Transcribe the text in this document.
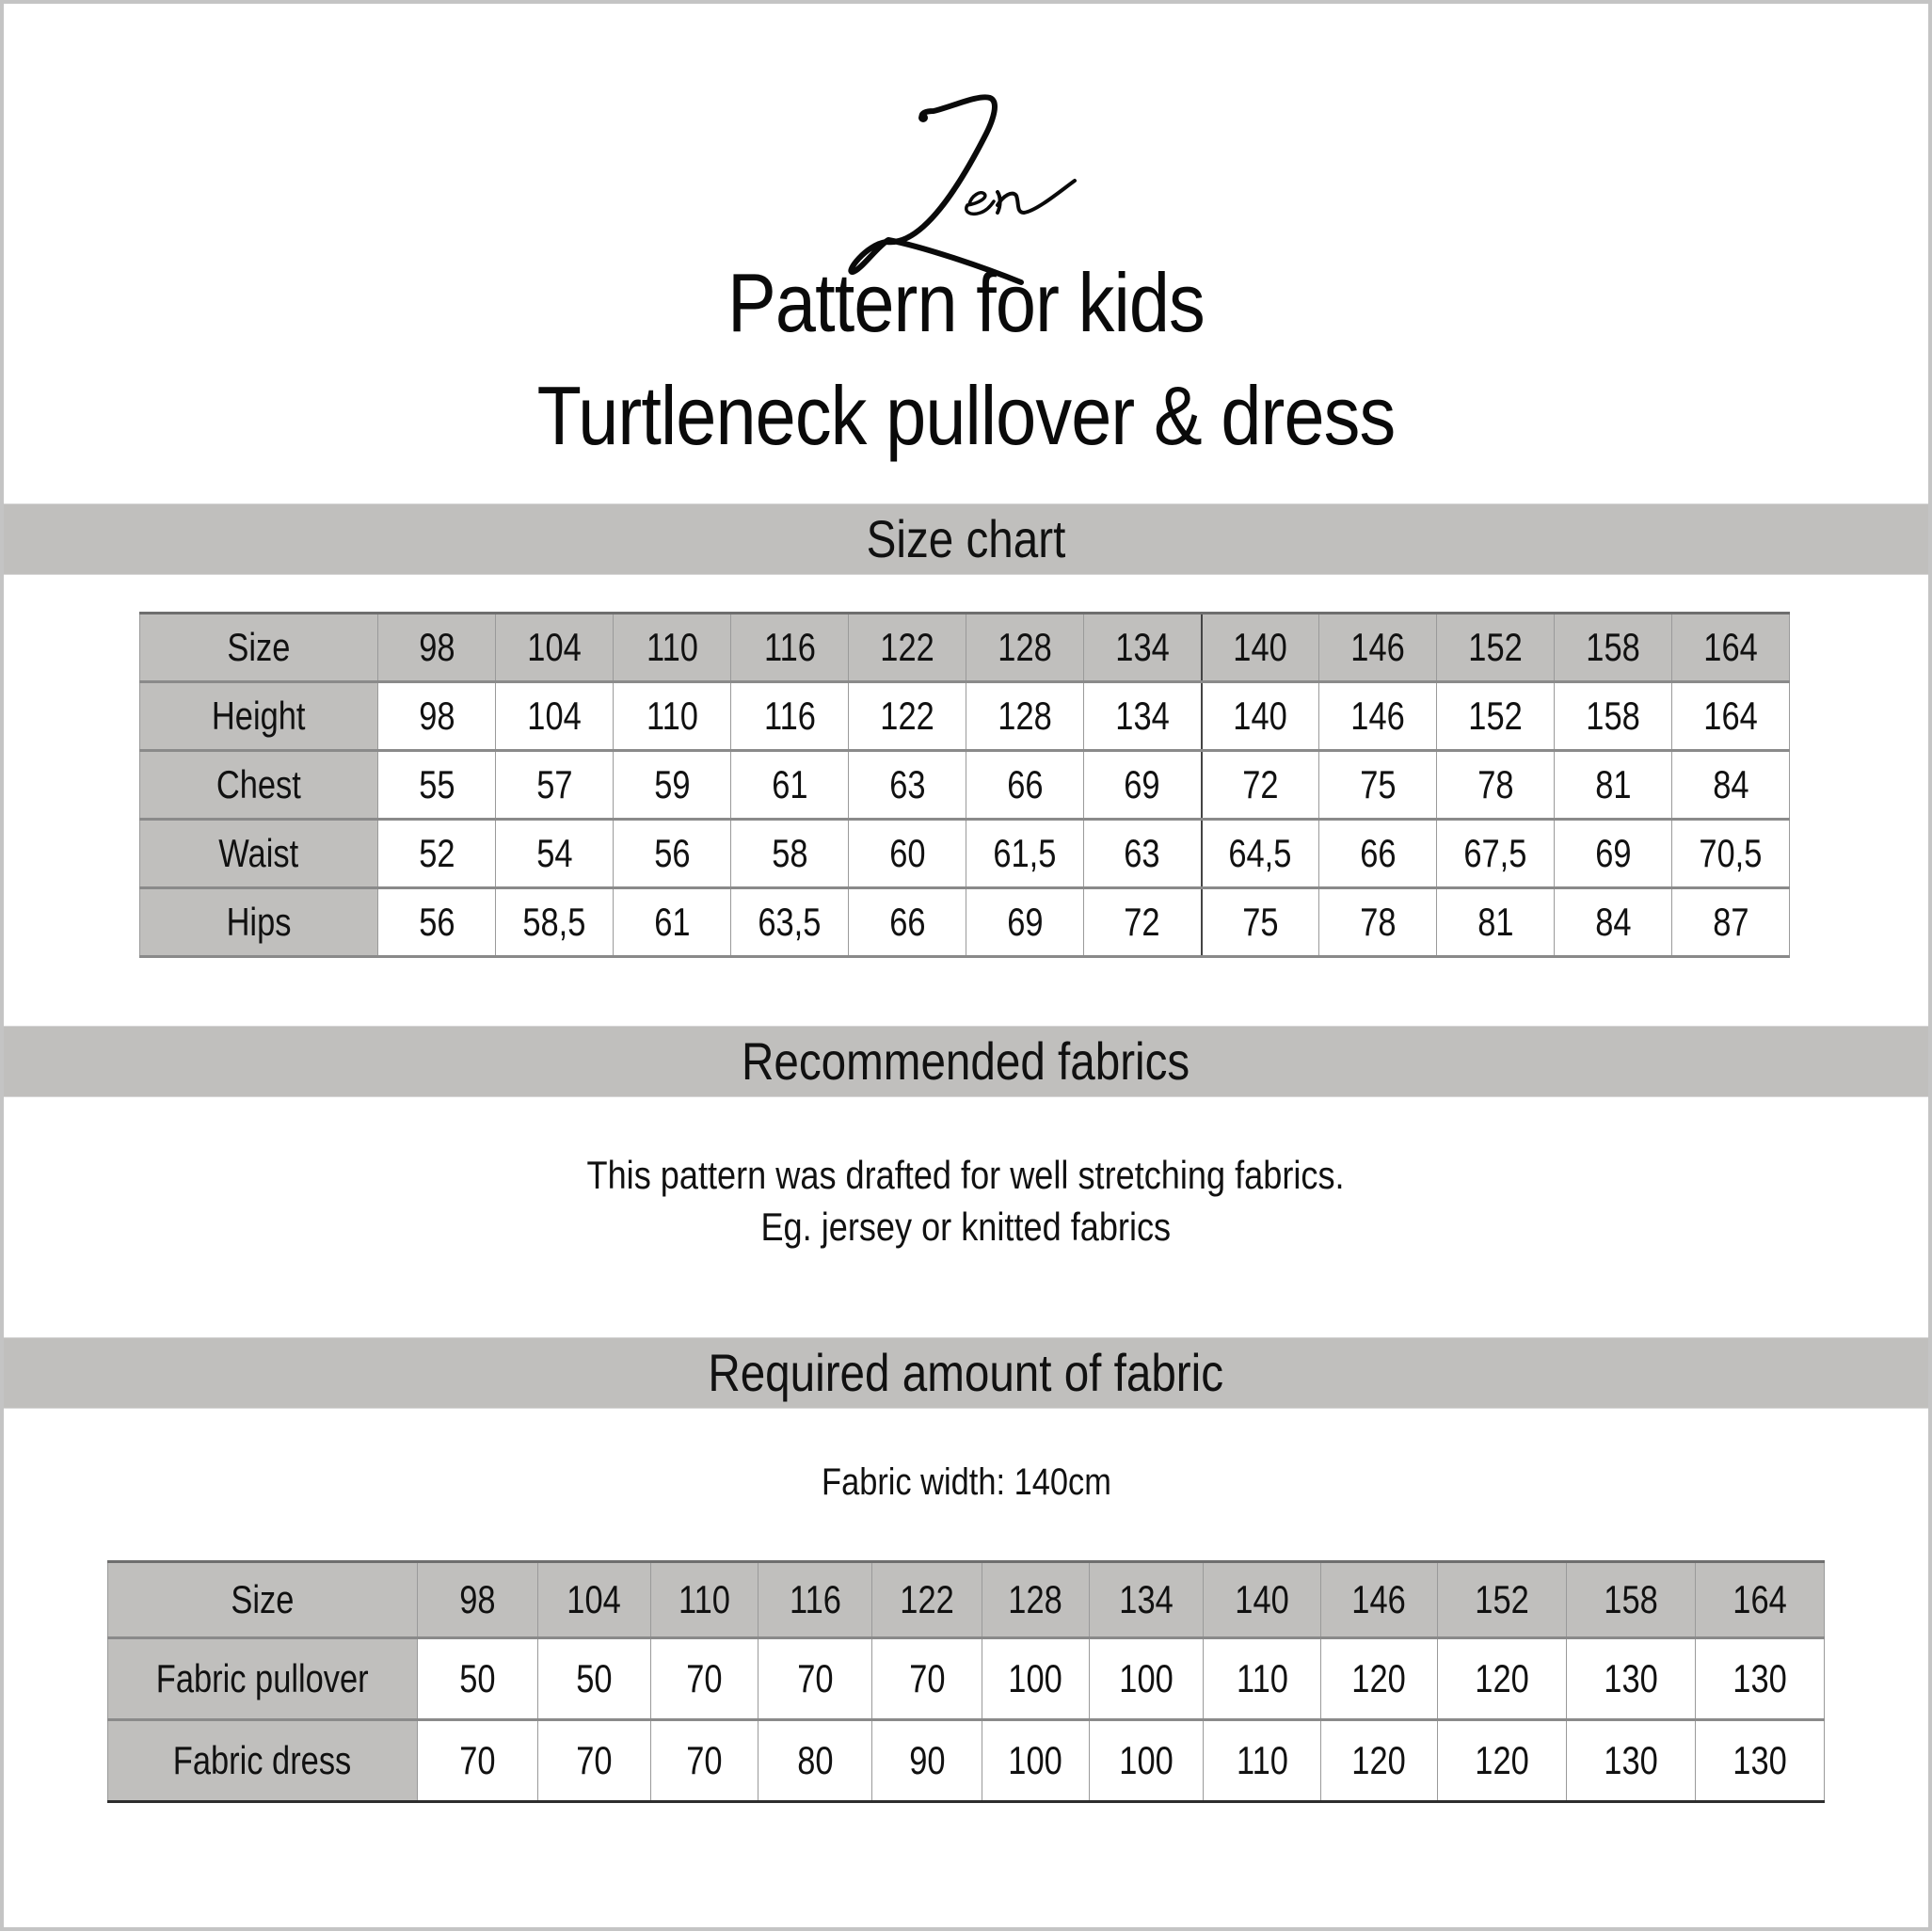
Pattern for kids
Turtleneck pullover & dress
Size chart
Size	98	104	110	116	122	128	134	140	146	152	158	164
Height	98	104	110	116	122	128	134	140	146	152	158	164
Chest	55	57	59	61	63	66	69	72	75	78	81	84
Waist	52	54	56	58	60	61,5	63	64,5	66	67,5	69	70,5
Hips	56	58,5	61	63,5	66	69	72	75	78	81	84	87
Recommended fabrics
This pattern was drafted for well stretching fabrics.
Eg. jersey or knitted fabrics
Required amount of fabric
Fabric width: 140cm
Size	98	104	110	116	122	128	134	140	146	152	158	164
Fabric pullover	50	50	70	70	70	100	100	110	120	120	130	130
Fabric dress	70	70	70	80	90	100	100	110	120	120	130	130
